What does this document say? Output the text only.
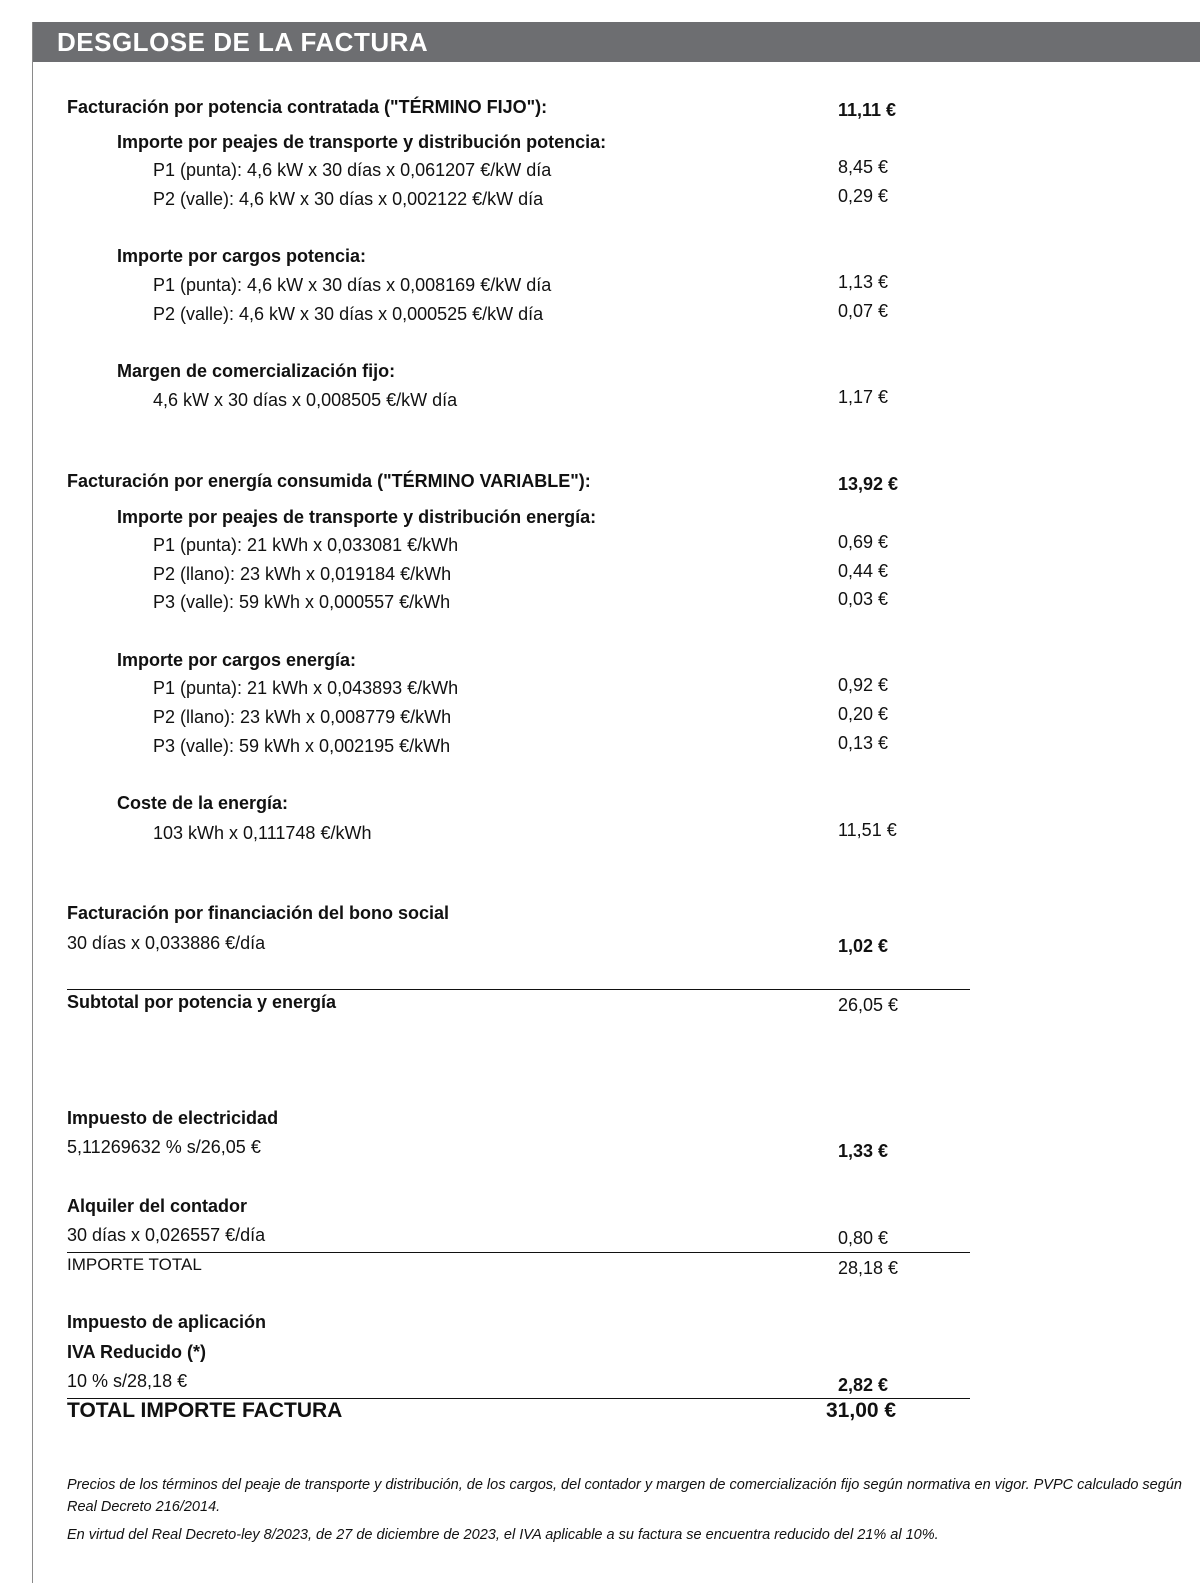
DESGLOSE DE LA FACTURA
Facturación por potencia contratada ("TÉRMINO FIJO"):	11,11 €
Importe por peajes de transporte y distribución potencia:
P1 (punta): 4,6 kW x 30 días x 0,061207 €/kW día	8,45 €
P2 (valle): 4,6 kW x 30 días x 0,002122 €/kW día	0,29 €
Importe por cargos potencia:
P1 (punta): 4,6 kW x 30 días x 0,008169 €/kW día	1,13 €
P2 (valle): 4,6 kW x 30 días x 0,000525 €/kW día	0,07 €
Margen de comercialización fijo:
4,6 kW x 30 días x 0,008505 €/kW día	1,17 €
Facturación por energía consumida ("TÉRMINO VARIABLE"):	13,92 €
Importe por peajes de transporte y distribución energía:
P1 (punta): 21 kWh x 0,033081 €/kWh	0,69 €
P2 (llano): 23 kWh x 0,019184 €/kWh	0,44 €
P3 (valle): 59 kWh x 0,000557 €/kWh	0,03 €
Importe por cargos energía:
P1 (punta): 21 kWh x 0,043893 €/kWh	0,92 €
P2 (llano): 23 kWh x 0,008779 €/kWh	0,20 €
P3 (valle): 59 kWh x 0,002195 €/kWh	0,13 €
Coste de la energía:
103 kWh x 0,111748 €/kWh	11,51 €
Facturación por financiación del bono social
30 días x 0,033886 €/día	1,02 €
Subtotal por potencia y energía	26,05 €
Impuesto de electricidad
5,11269632 % s/26,05 €	1,33 €
Alquiler del contador
30 días x 0,026557 €/día	0,80 €
IMPORTE TOTAL	28,18 €
Impuesto de aplicación
IVA Reducido (*)
10 % s/28,18 €	2,82 €
TOTAL IMPORTE FACTURA	31,00 €
Precios de los términos del peaje de transporte y distribución, de los cargos, del contador y margen de comercialización fijo según normativa en vigor. PVPC calculado según
Real Decreto 216/2014.
En virtud del Real Decreto-ley 8/2023, de 27 de diciembre de 2023, el IVA aplicable a su factura se encuentra reducido del 21% al 10%.
